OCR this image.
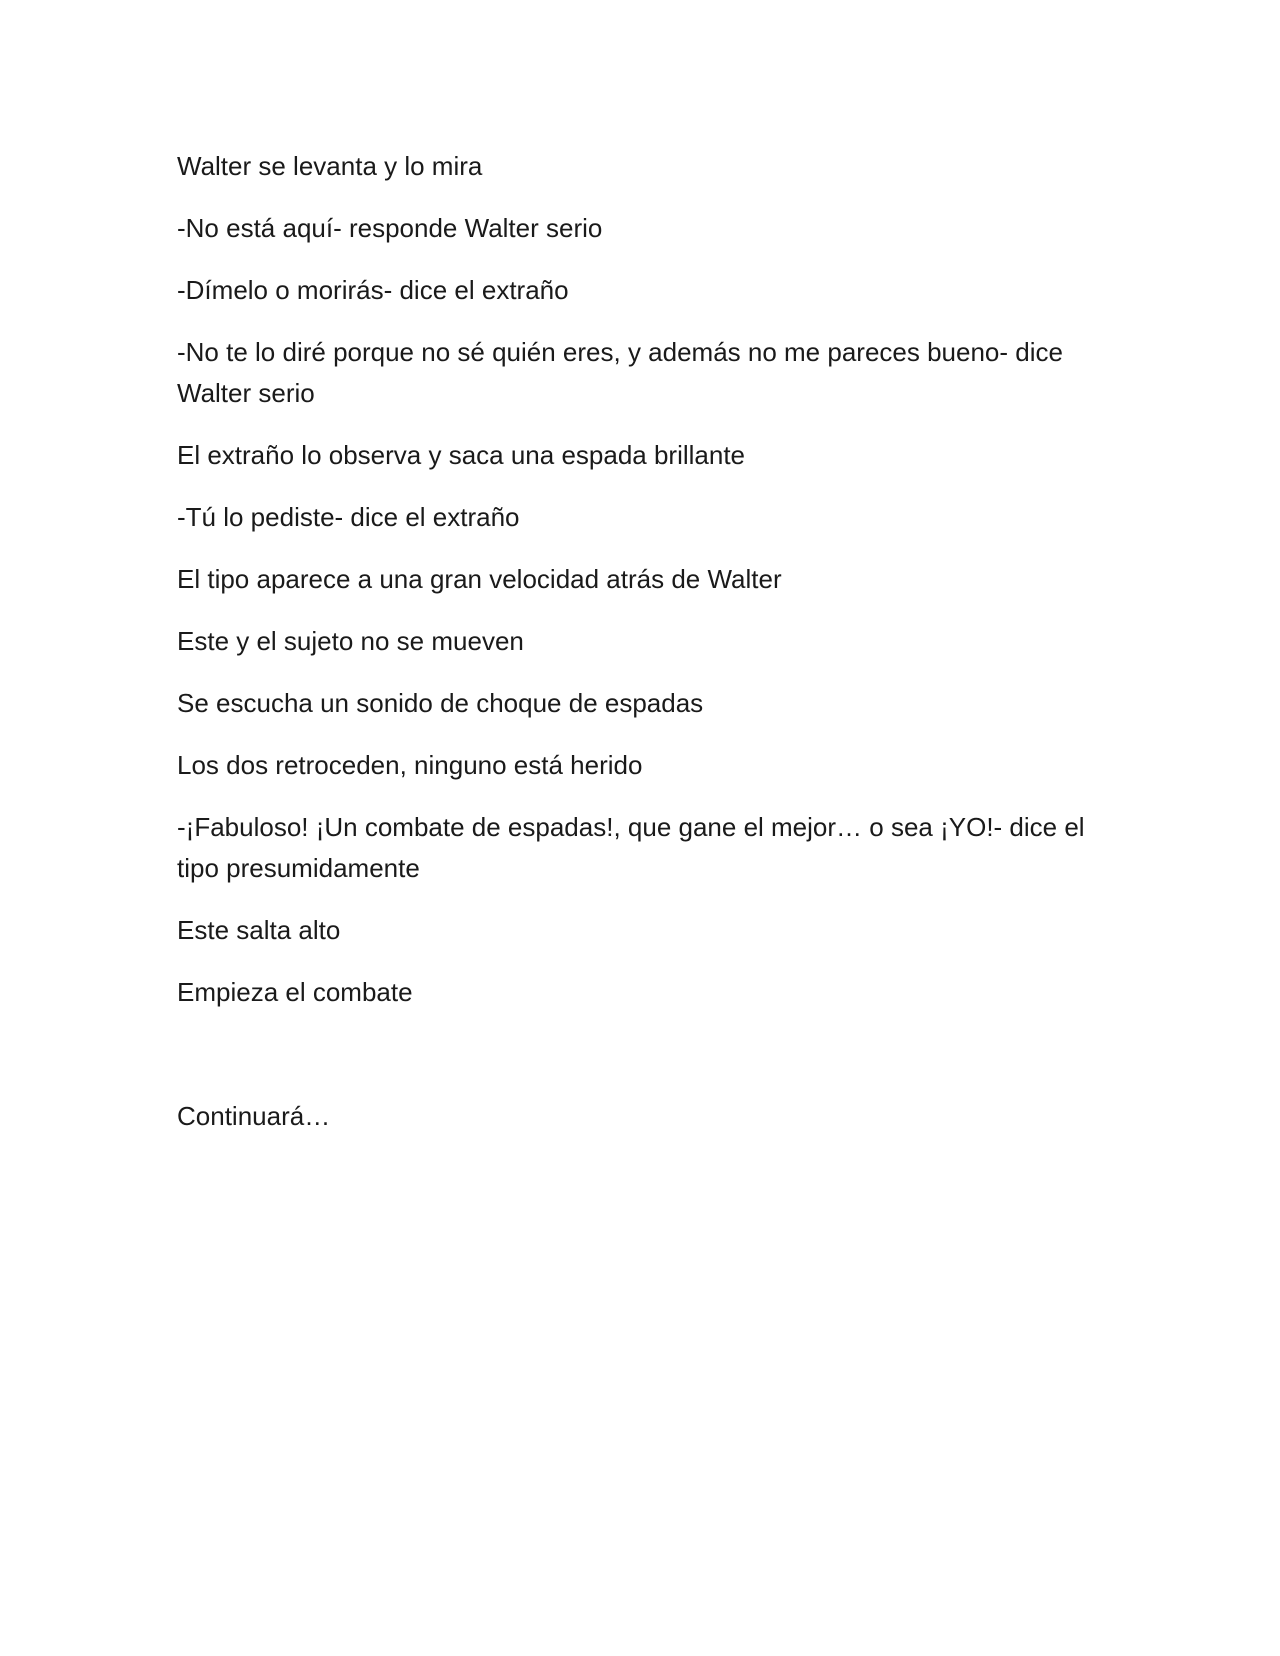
Walter se levanta y lo mira

-No está aquí- responde Walter serio

-Dímelo o morirás- dice el extraño

-No te lo diré porque no sé quién eres, y además no me pareces bueno- dice Walter serio

El extraño lo observa y saca una espada brillante

-Tú lo pediste- dice el extraño

El tipo aparece a una gran velocidad atrás de Walter

Este y el sujeto no se mueven

Se escucha un sonido de choque de espadas

Los dos retroceden, ninguno está herido

-¡Fabuloso! ¡Un combate de espadas!, que gane el mejor… o sea ¡YO!- dice el tipo presumidamente

Este salta alto

Empieza el combate

Continuará…
